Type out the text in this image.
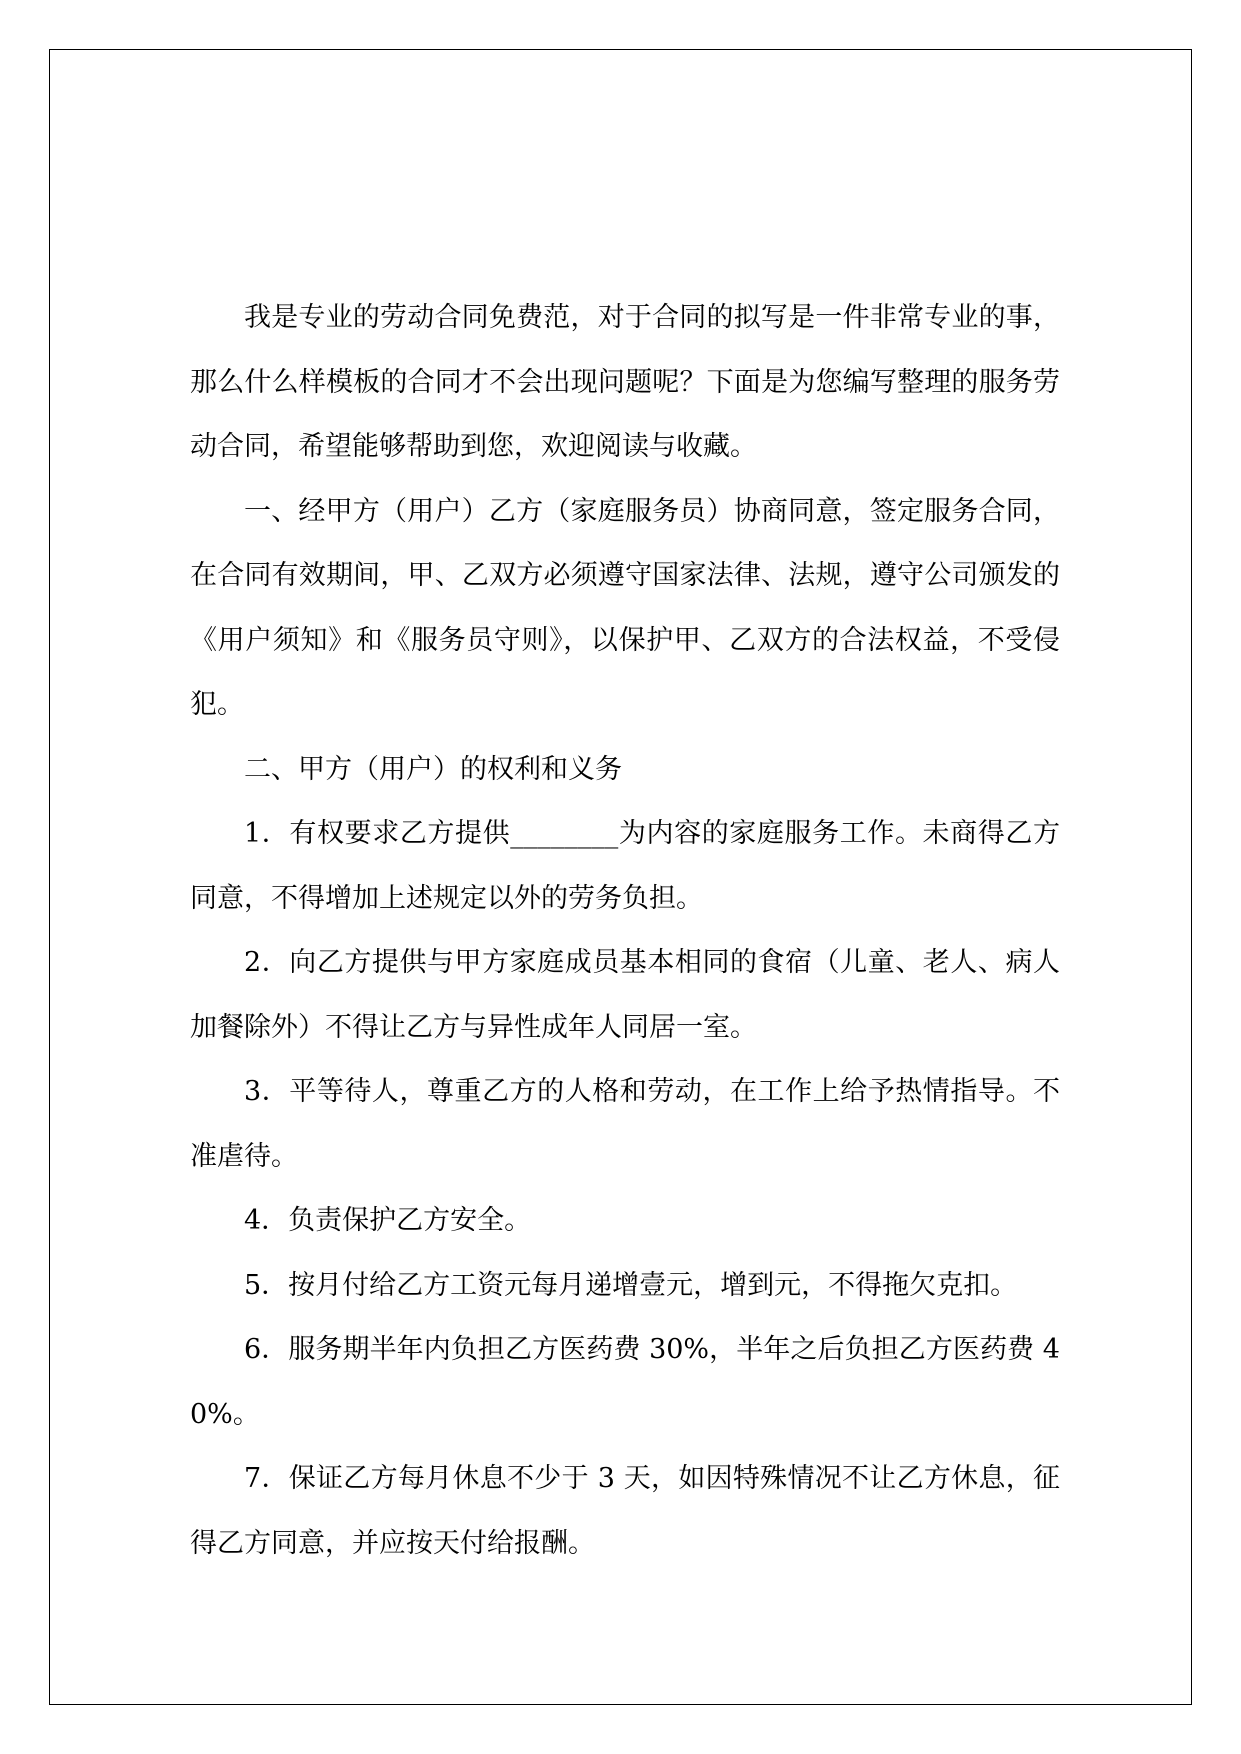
我是专业的劳动合同免费范，对于合同的拟写是一件非常专业的事，那么什么样模板的合同才不会出现问题呢？下面是为您编写整理的服务劳动合同，希望能够帮助到您，欢迎阅读与收藏。

一、经甲方（用户）乙方（家庭服务员）协商同意，签定服务合同，在合同有效期间，甲、乙双方必须遵守国家法律、法规，遵守公司颁发的《用户须知》和《服务员守则》，以保护甲、乙双方的合法权益，不受侵犯。

二、甲方（用户）的权利和义务

1．有权要求乙方提供________为内容的家庭服务工作。未商得乙方同意，不得增加上述规定以外的劳务负担。

2．向乙方提供与甲方家庭成员基本相同的食宿（儿童、老人、病人加餐除外）不得让乙方与异性成年人同居一室。

3．平等待人，尊重乙方的人格和劳动，在工作上给予热情指导。不准虐待。

4．负责保护乙方安全。

5．按月付给乙方工资元每月递增壹元，增到元，不得拖欠克扣。

6．服务期半年内负担乙方医药费 30%，半年之后负担乙方医药费 40%。

7．保证乙方每月休息不少于 3 天，如因特殊情况不让乙方休息，征得乙方同意，并应按天付给报酬。
